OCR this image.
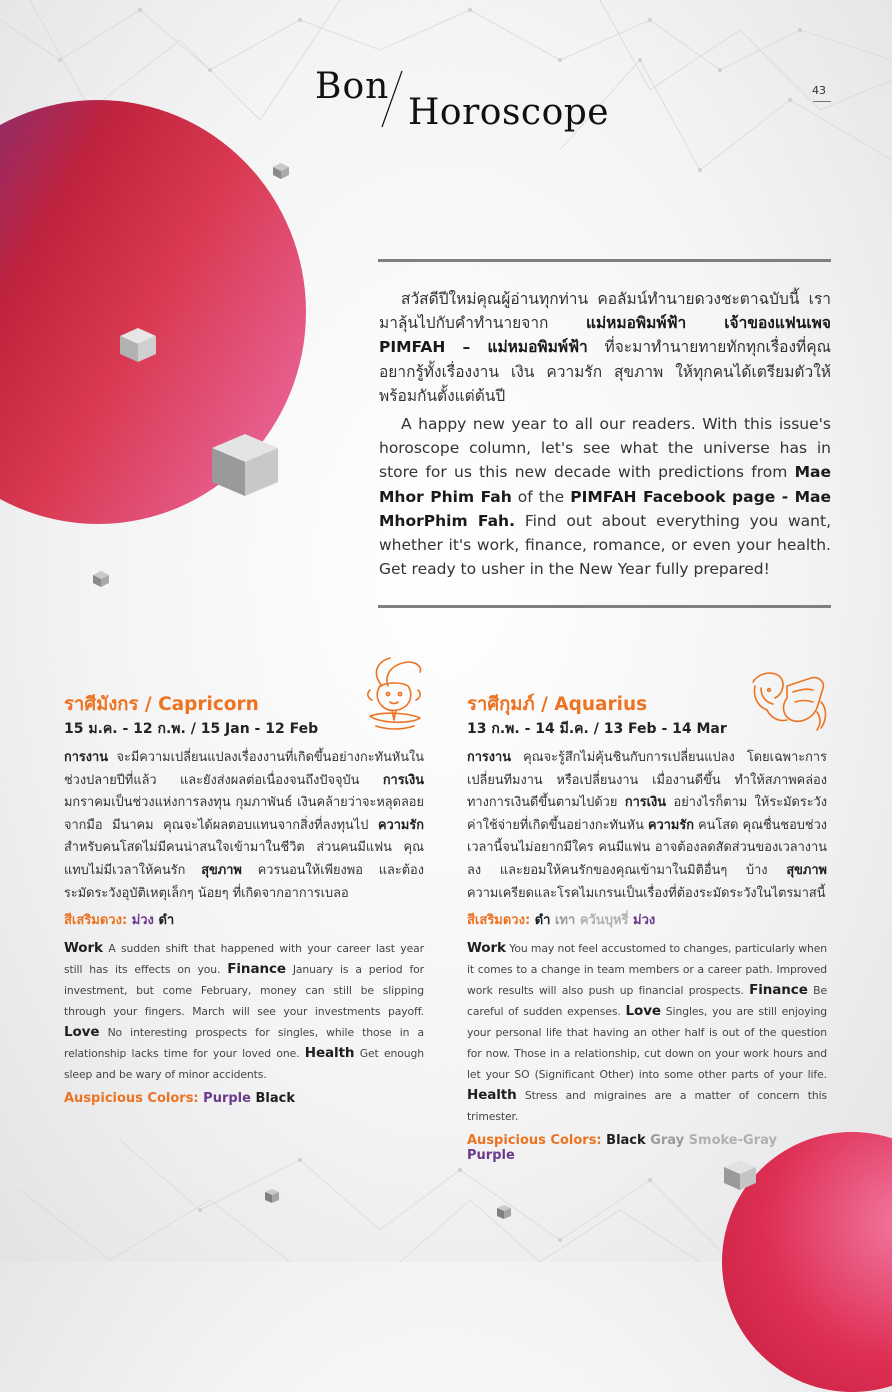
Bon
Horoscope
43

สวัสดีปีใหม่คุณผู้อ่านทุกท่าน คอลัมน์ทำนายดวงชะตาฉบับนี้ เรามาลุ้นไปกับคำทำนายจาก แม่หมอพิมพ์ฟ้า เจ้าของแฟนเพจ PIMFAH – แม่หมอพิมพ์ฟ้า ที่จะมาทำนายทายทักทุกเรื่องที่คุณอยากรู้ทั้งเรื่องงาน เงิน ความรัก สุขภาพ ให้ทุกคนได้เตรียมตัวให้พร้อมกันตั้งแต่ต้นปี

A happy new year to all our readers. With this issue's horoscope column, let's see what the universe has in store for us this new decade with predictions from Mae Mhor Phim Fah of the PIMFAH Facebook page - Mae MhorPhim Fah. Find out about everything you want, whether it's work, finance, romance, or even your health. Get ready to usher in the New Year fully prepared!

ราศีมังกร / Capricorn
15 ม.ค. - 12 ก.พ. / 15 Jan - 12 Feb

การงาน จะมีความเปลี่ยนแปลงเรื่องงานที่เกิดขึ้นอย่างกะทันหันในช่วงปลายปีที่แล้ว และยังส่งผลต่อเนื่องจนถึงปัจจุบัน การเงิน มกราคมเป็นช่วงแห่งการลงทุน กุมภาพันธ์ เงินคล้ายว่าจะหลุดลอยจากมือ มีนาคม คุณจะได้ผลตอบแทนจากสิ่งที่ลงทุนไป ความรัก สำหรับคนโสดไม่มีคนน่าสนใจเข้ามาในชีวิต ส่วนคนมีแฟน คุณแทบไม่มีเวลาให้คนรัก สุขภาพ ควรนอนให้เพียงพอ และต้องระมัดระวังอุบัติเหตุเล็กๆ น้อยๆ ที่เกิดจากอาการเบลอ

สีเสริมดวง: ม่วง ดำ

Work A sudden shift that happened with your career last year still has its effects on you. Finance January is a period for investment, but come February, money can still be slipping through your fingers. March will see your investments payoff. Love No interesting prospects for singles, while those in a relationship lacks time for your loved one. Health Get enough sleep and be wary of minor accidents.

Auspicious Colors: Purple Black
ราศีกุมภ์ / Aquarius
13 ก.พ. - 14 มี.ค. / 13 Feb - 14 Mar

การงาน คุณจะรู้สึกไม่คุ้นชินกับการเปลี่ยนแปลง โดยเฉพาะการเปลี่ยนทีมงาน หรือเปลี่ยนงาน เมื่องานดีขึ้น ทำให้สภาพคล่องทางการเงินดีขึ้นตามไปด้วย การเงิน อย่างไรก็ตาม ให้ระมัดระวังค่าใช้จ่ายที่เกิดขึ้นอย่างกะทันหัน ความรัก คนโสด คุณชื่นชอบช่วงเวลานี้จนไม่อยากมีใคร คนมีแฟน อาจต้องลดสัดส่วนของเวลางานลง และยอมให้คนรักของคุณเข้ามาในมิติอื่นๆ บ้าง สุขภาพ ความเครียดและโรคไมเกรนเป็นเรื่องที่ต้องระมัดระวังในไตรมาสนี้

สีเสริมดวง: ดำ เทา ควันบุหรี่ ม่วง

Work You may not feel accustomed to changes, particularly when it comes to a change in team members or a career path. Improved work results will also push up financial prospects. Finance Be careful of sudden expenses. Love Singles, you are still enjoying your personal life that having an other half is out of the question for now. Those in a relationship, cut down on your work hours and let your SO (Significant Other) into some other parts of your life. Health Stress and migraines are a matter of concern this trimester.

Auspicious Colors: Black Gray Smoke-Gray Purple
